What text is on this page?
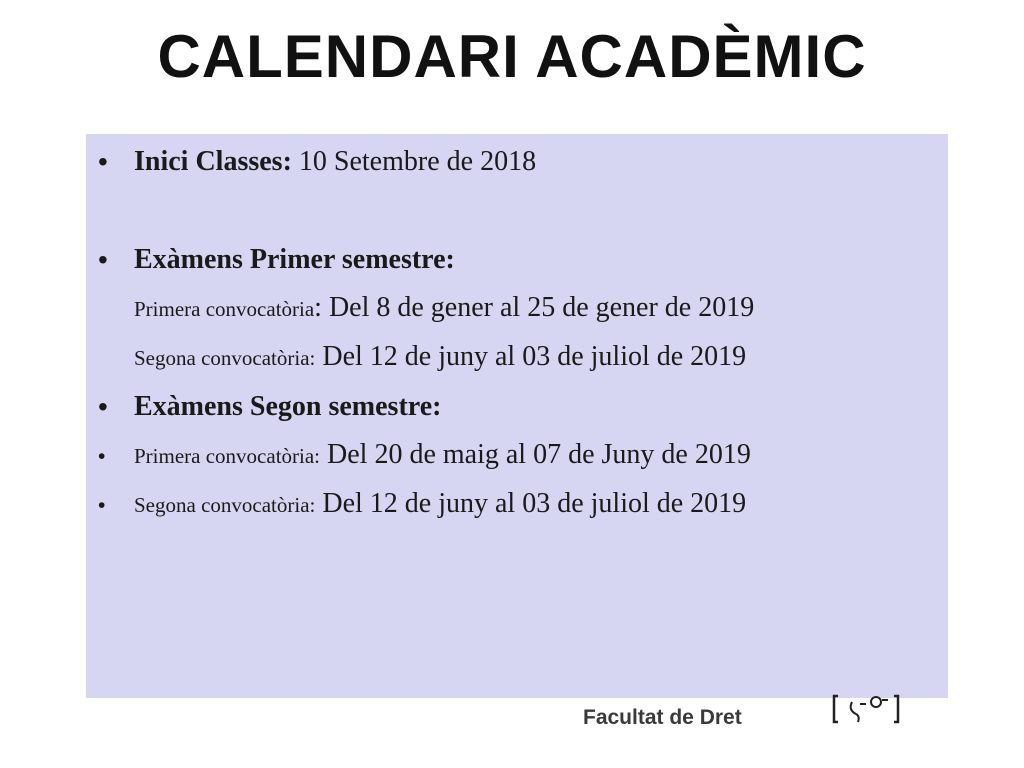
CALENDARI ACADÈMIC
• Inici Classes: 10 Setembre de 2018
• Exàmens Primer semestre:
Primera convocatòria: Del 8 de gener al 25 de gener de 2019
Segona convocatòria: Del 12 de juny al 03 de juliol de 2019
• Exàmens Segon semestre:
• Primera convocatòria: Del 20 de maig al 07 de Juny de 2019
• Segona convocatòria: Del 12 de juny al 03 de juliol de 2019
Facultat de Dret
